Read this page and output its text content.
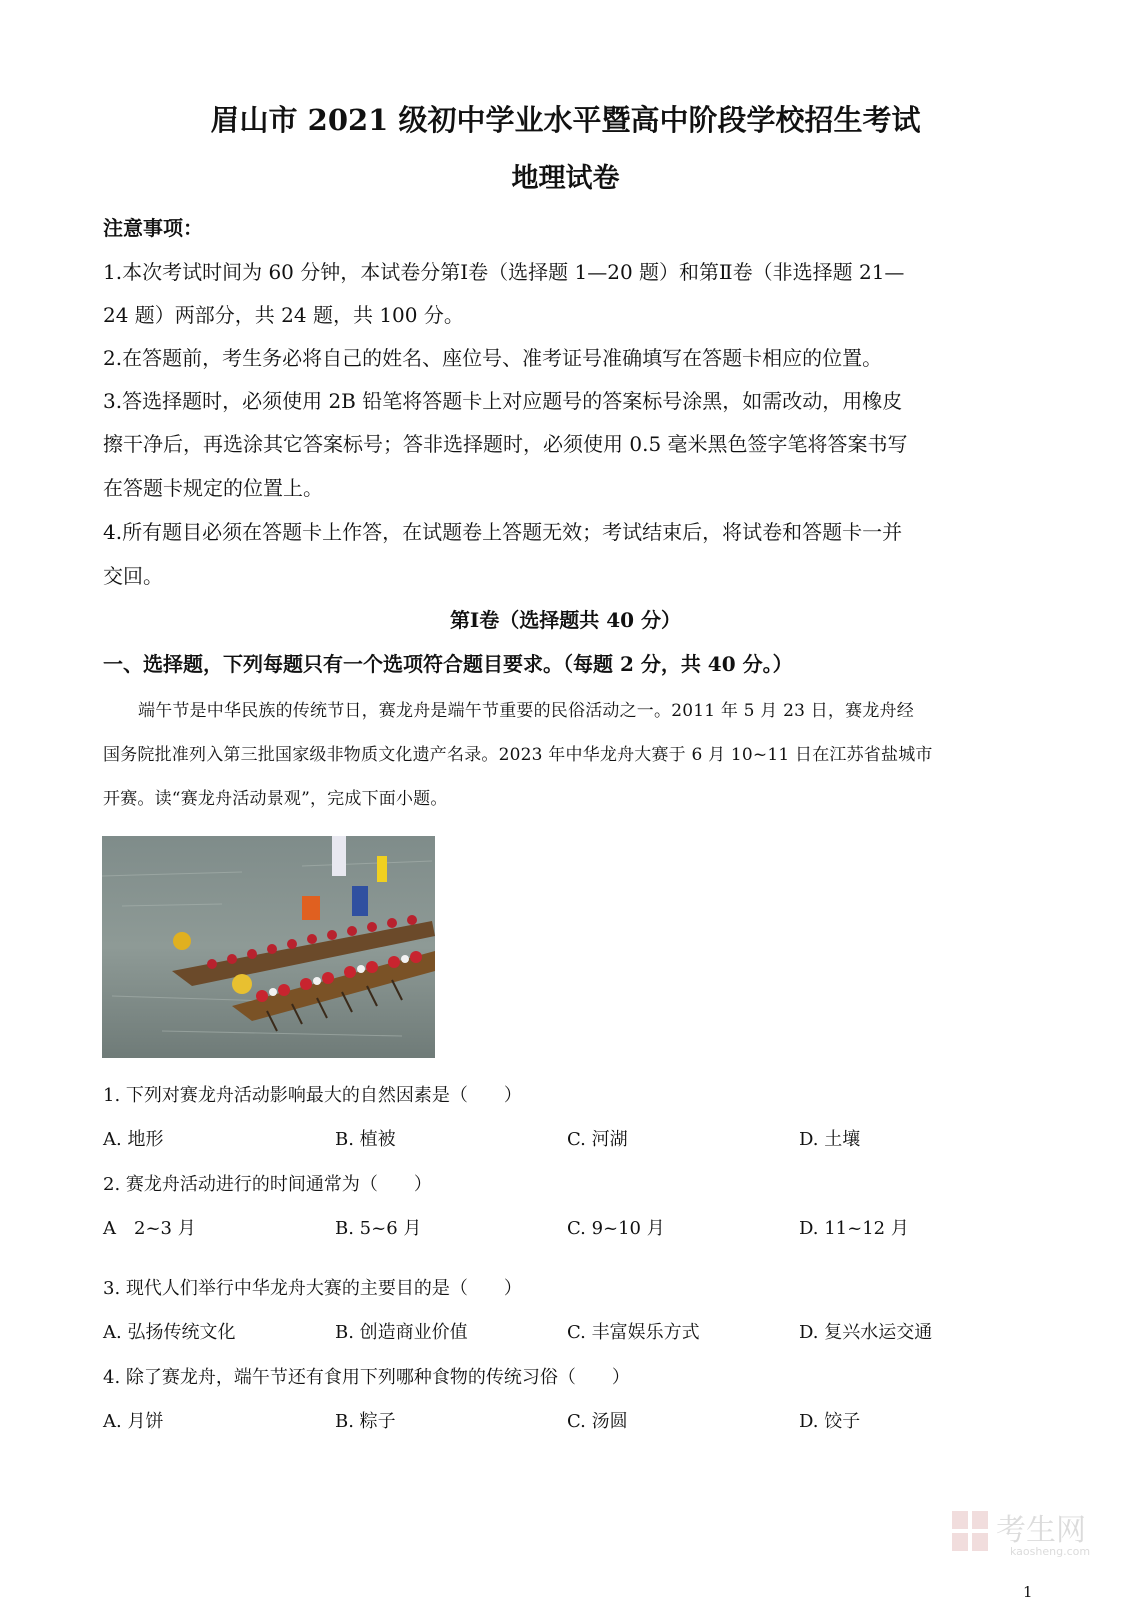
眉山市 2021 级初中学业水平暨高中阶段学校招生考试
地理试卷
注意事项：
1.本次考试时间为 60 分钟，本试卷分第Ⅰ卷（选择题 1—20 题）和第Ⅱ卷（非选择题 21—
24 题）两部分，共 24 题，共 100 分。
2.在答题前，考生务必将自己的姓名、座位号、准考证号准确填写在答题卡相应的位置。
3.答选择题时，必须使用 2B 铅笔将答题卡上对应题号的答案标号涂黑，如需改动，用橡皮
擦干净后，再选涂其它答案标号；答非选择题时，必须使用 0.5 毫米黑色签字笔将答案书写
在答题卡规定的位置上。
4.所有题目必须在答题卡上作答，在试题卷上答题无效；考试结束后，将试卷和答题卡一并
交回。
第Ⅰ卷（选择题共 40 分）
一、选择题，下列每题只有一个选项符合题目要求。（每题 2 分，共 40 分。）
端午节是中华民族的传统节日，赛龙舟是端午节重要的民俗活动之一。2011 年 5 月 23 日，赛龙舟经
国务院批准列入第三批国家级非物质文化遗产名录。2023 年中华龙舟大赛于 6 月 10~11 日在江苏省盐城市
开赛。读“赛龙舟活动景观”，完成下面小题。
1. 下列对赛龙舟活动影响最大的自然因素是（　　）
A. 地形	B. 植被	C. 河湖	D. 土壤
2. 赛龙舟活动进行的时间通常为（　　）
A　2~3 月	B. 5~6 月	C. 9~10 月	D. 11~12 月
3. 现代人们举行中华龙舟大赛的主要目的是（　　）
A. 弘扬传统文化	B. 创造商业价值	C. 丰富娱乐方式	D. 复兴水运交通
4. 除了赛龙舟，端午节还有食用下列哪种食物的传统习俗（　　）
A. 月饼	B. 粽子	C. 汤圆	D. 饺子
考生网
kaosheng.com
1
